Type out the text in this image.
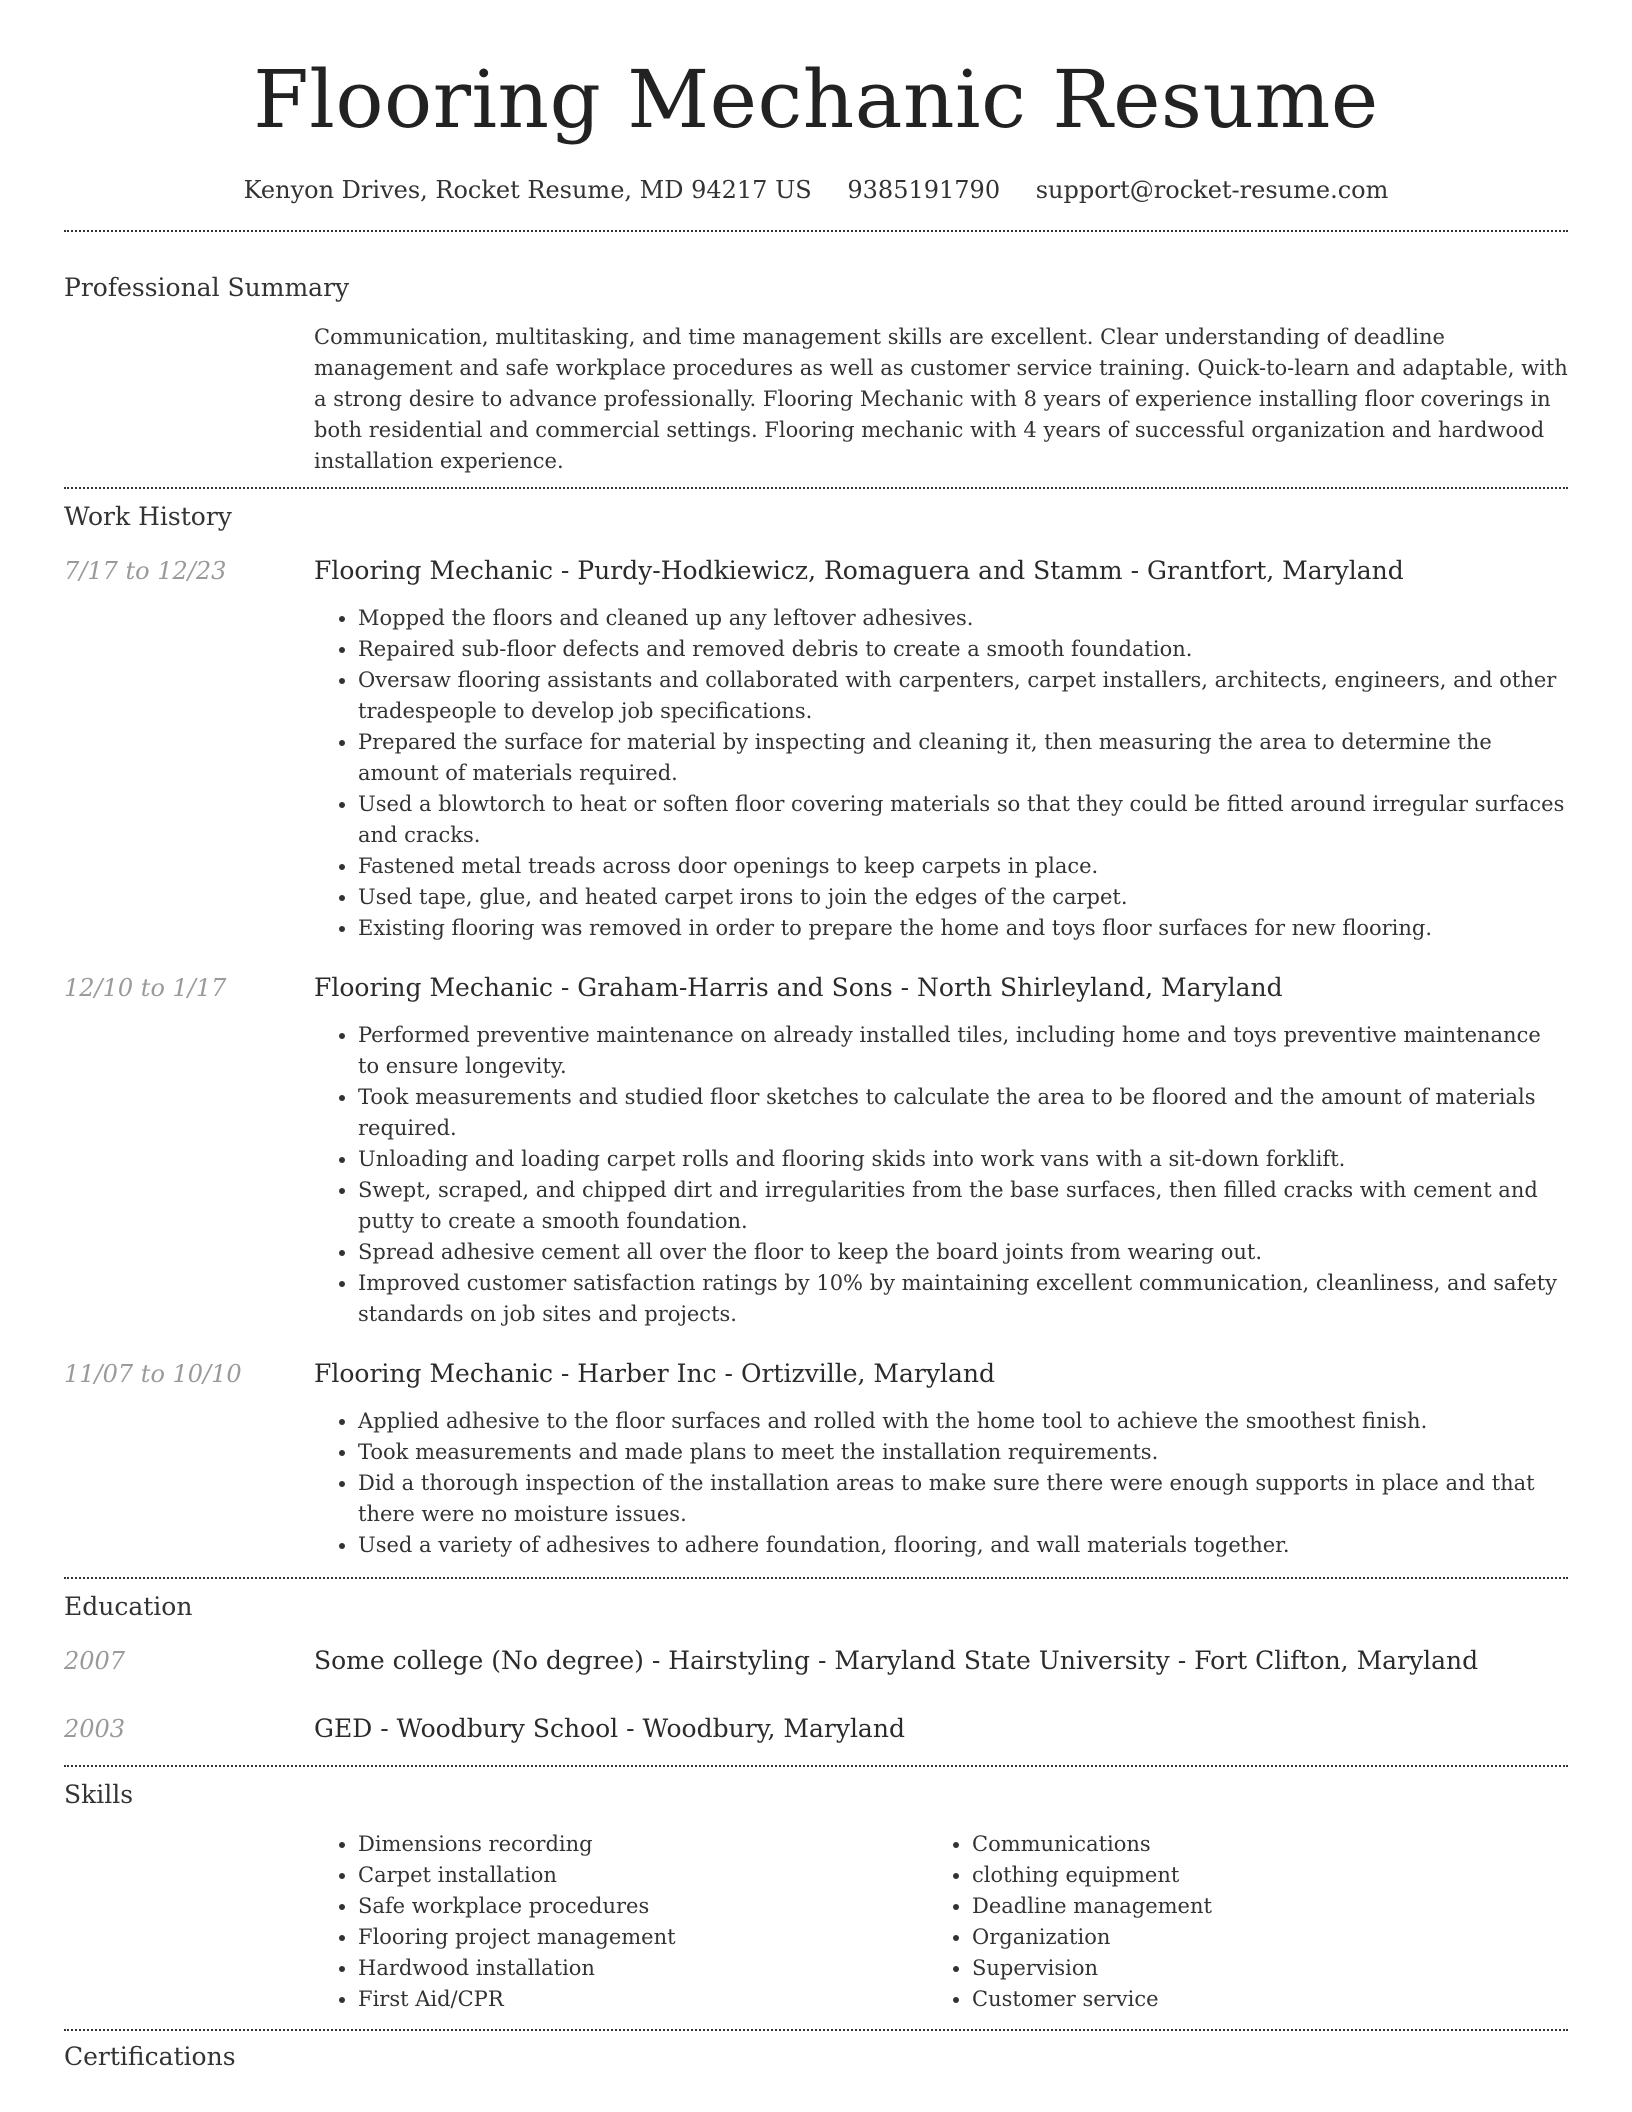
Flooring Mechanic Resume
Kenyon Drives, Rocket Resume, MD 94217 US 9385191790 support@rocket-resume.com
Professional Summary
Communication, multitasking, and time management skills are excellent. Clear understanding of deadline management and safe workplace procedures as well as customer service training. Quick-to-learn and adaptable, with a strong desire to advance professionally. Flooring Mechanic with 8 years of experience installing floor coverings in both residential and commercial settings. Flooring mechanic with 4 years of successful organization and hardwood installation experience.
Work History
7/17 to 12/23	Flooring Mechanic - Purdy-Hodkiewicz, Romaguera and Stamm - Grantfort, Maryland
• Mopped the floors and cleaned up any leftover adhesives.
• Repaired sub-floor defects and removed debris to create a smooth foundation.
• Oversaw flooring assistants and collaborated with carpenters, carpet installers, architects, engineers, and other tradespeople to develop job specifications.
• Prepared the surface for material by inspecting and cleaning it, then measuring the area to determine the amount of materials required.
• Used a blowtorch to heat or soften floor covering materials so that they could be fitted around irregular surfaces and cracks.
• Fastened metal treads across door openings to keep carpets in place.
• Used tape, glue, and heated carpet irons to join the edges of the carpet.
• Existing flooring was removed in order to prepare the home and toys floor surfaces for new flooring.
12/10 to 1/17	Flooring Mechanic - Graham-Harris and Sons - North Shirleyland, Maryland
• Performed preventive maintenance on already installed tiles, including home and toys preventive maintenance to ensure longevity.
• Took measurements and studied floor sketches to calculate the area to be floored and the amount of materials required.
• Unloading and loading carpet rolls and flooring skids into work vans with a sit-down forklift.
• Swept, scraped, and chipped dirt and irregularities from the base surfaces, then filled cracks with cement and putty to create a smooth foundation.
• Spread adhesive cement all over the floor to keep the board joints from wearing out.
• Improved customer satisfaction ratings by 10% by maintaining excellent communication, cleanliness, and safety standards on job sites and projects.
11/07 to 10/10	Flooring Mechanic - Harber Inc - Ortizville, Maryland
• Applied adhesive to the floor surfaces and rolled with the home tool to achieve the smoothest finish.
• Took measurements and made plans to meet the installation requirements.
• Did a thorough inspection of the installation areas to make sure there were enough supports in place and that there were no moisture issues.
• Used a variety of adhesives to adhere foundation, flooring, and wall materials together.
Education
2007	Some college (No degree) - Hairstyling - Maryland State University - Fort Clifton, Maryland
2003	GED - Woodbury School - Woodbury, Maryland
Skills
• Dimensions recording
• Carpet installation
• Safe workplace procedures
• Flooring project management
• Hardwood installation
• First Aid/CPR
• Communications
• clothing equipment
• Deadline management
• Organization
• Supervision
• Customer service
Certifications
